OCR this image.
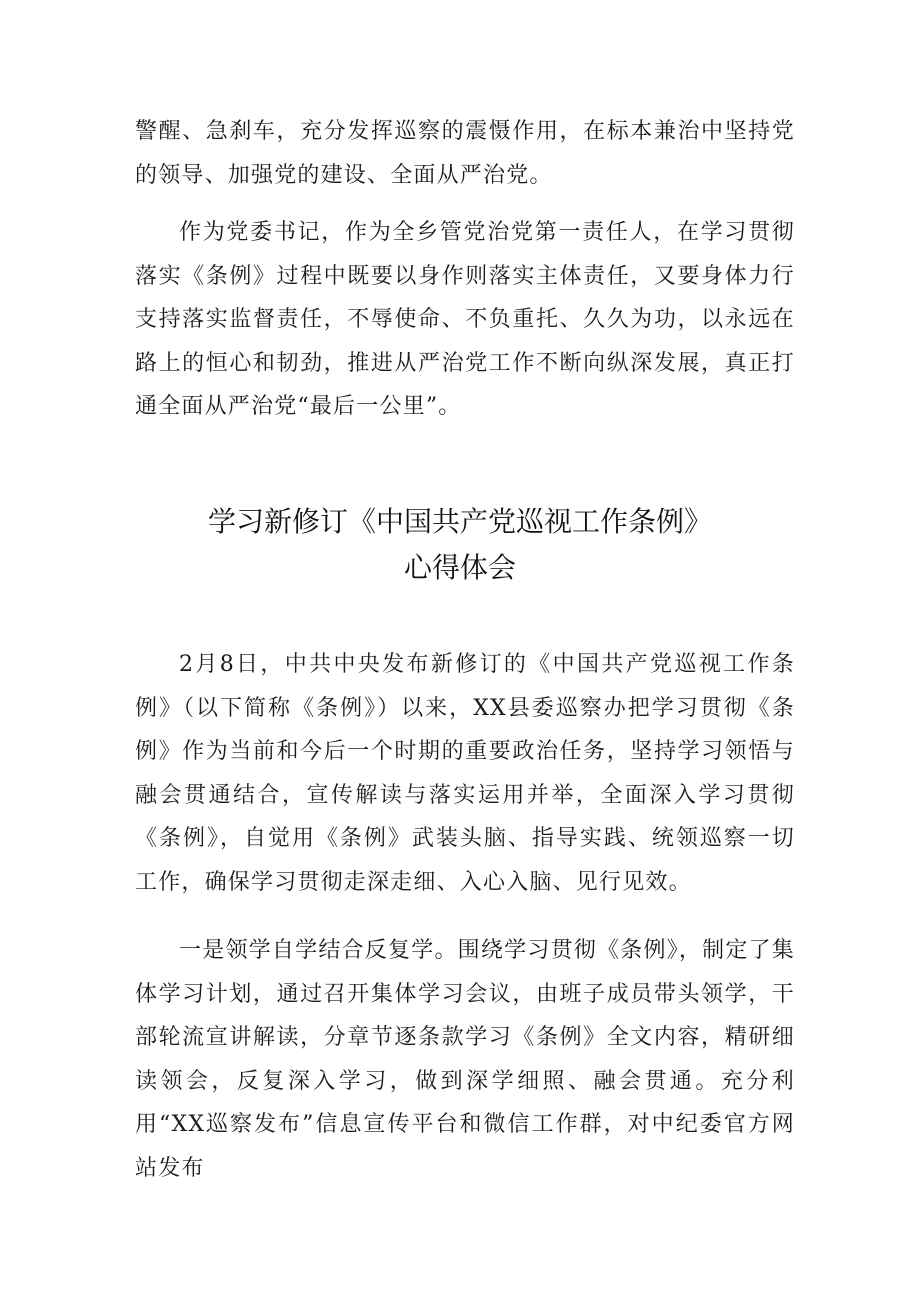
警醒、急刹车，充分发挥巡察的震慑作用，在标本兼治中坚持党的领导、加强党的建设、全面从严治党。

作为党委书记，作为全乡管党治党第一责任人，在学习贯彻落实《条例》过程中既要以身作则落实主体责任，又要身体力行支持落实监督责任，不辱使命、不负重托、久久为功，以永远在路上的恒心和韧劲，推进从严治党工作不断向纵深发展，真正打通全面从严治党“最后一公里”。

学习新修订《中国共产党巡视工作条例》
心得体会

2月8日，中共中央发布新修订的《中国共产党巡视工作条例》（以下简称《条例》）以来，XX县委巡察办把学习贯彻《条例》作为当前和今后一个时期的重要政治任务，坚持学习领悟与融会贯通结合，宣传解读与落实运用并举，全面深入学习贯彻《条例》，自觉用《条例》武装头脑、指导实践、统领巡察一切工作，确保学习贯彻走深走细、入心入脑、见行见效。

一是领学自学结合反复学。围绕学习贯彻《条例》，制定了集体学习计划，通过召开集体学习会议，由班子成员带头领学，干部轮流宣讲解读，分章节逐条款学习《条例》全文内容，精研细读领会，反复深入学习，做到深学细照、融会贯通。充分利用“XX巡察发布”信息宣传平台和微信工作群，对中纪委官方网站发布
